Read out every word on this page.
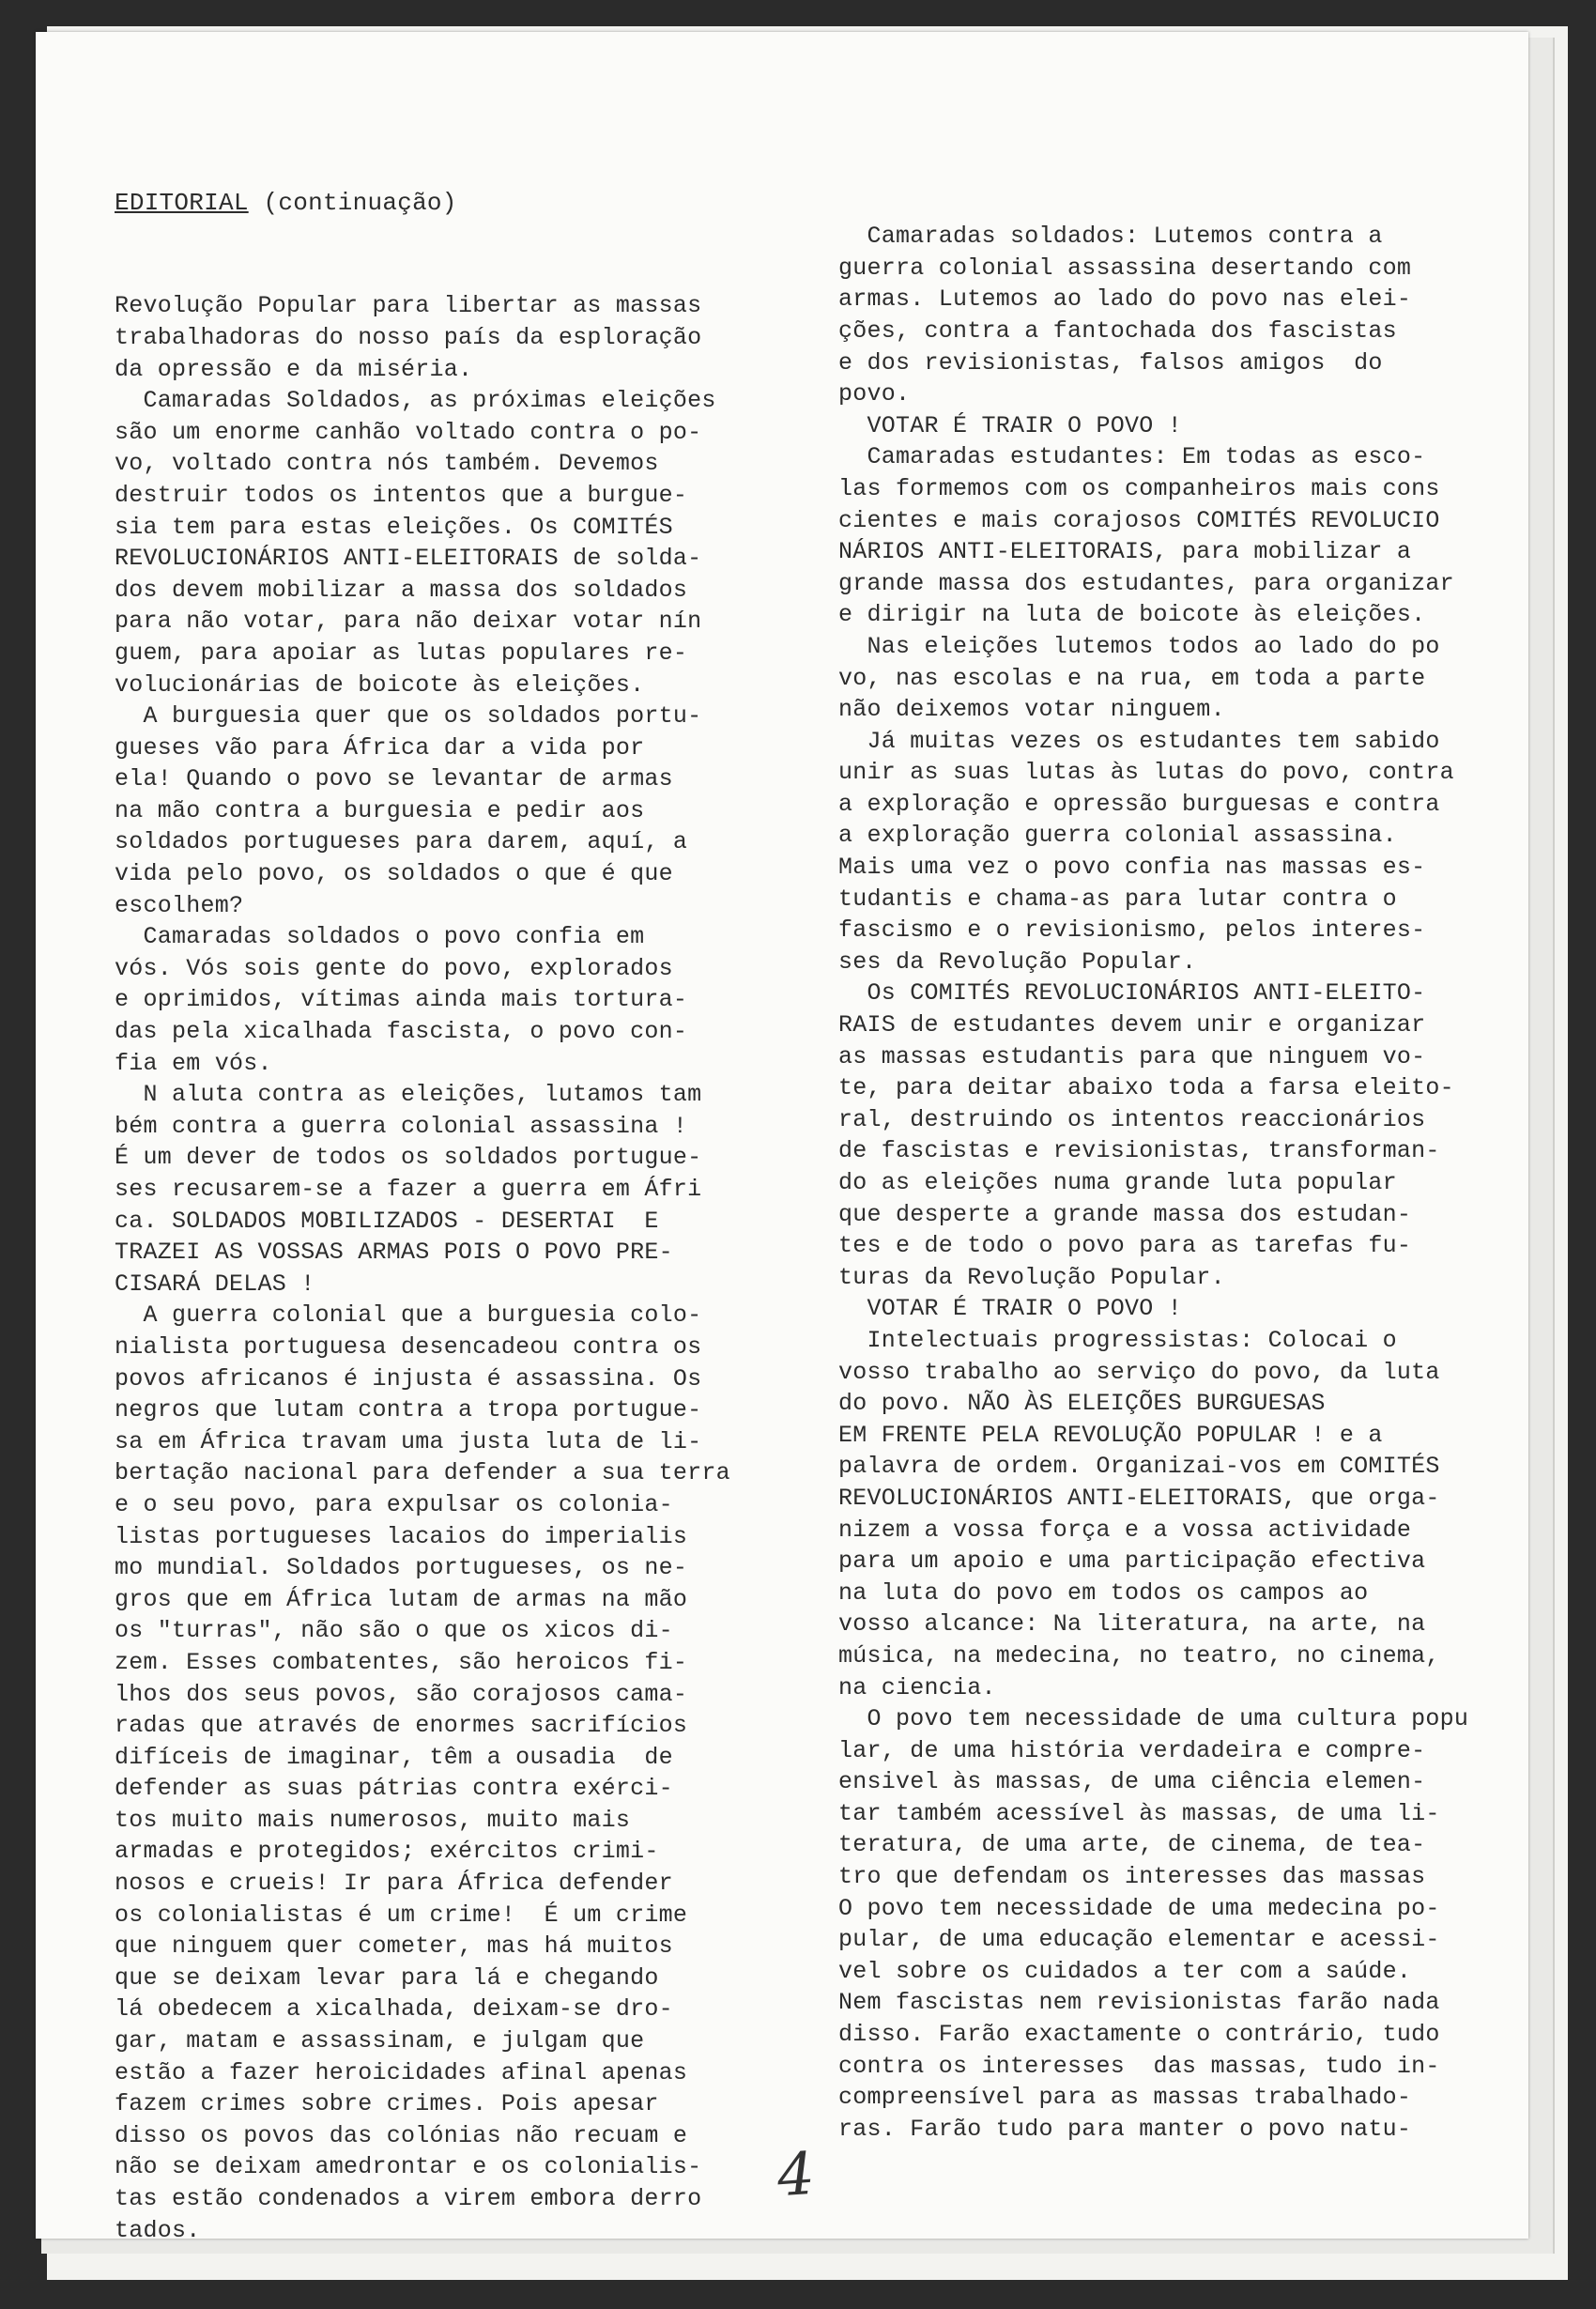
EDITORIAL (continuação)

Revolução Popular para libertar as massas
trabalhadoras do nosso país da esploração
da opressão e da miséria.
Camaradas Soldados, as próximas eleições
são um enorme canhão voltado contra o po-
vo, voltado contra nós também. Devemos
destruir todos os intentos que a burgue-
sia tem para estas eleições. Os COMITÉS
REVOLUCIONÁRIOS ANTI-ELEITORAIS de solda-
dos devem mobilizar a massa dos soldados
para não votar, para não deixar votar nín
guem, para apoiar as lutas populares re-
volucionárias de boicote às eleições.
A burguesia quer que os soldados portu-
gueses vão para África dar a vida por
ela! Quando o povo se levantar de armas
na mão contra a burguesia e pedir aos
soldados portugueses para darem, aquí, a
vida pelo povo, os soldados o que é que
escolhem?
Camaradas soldados o povo confia em
vós. Vós sois gente do povo, explorados
e oprimidos, vítimas ainda mais tortura-
das pela xicalhada fascista, o povo con-
fia em vós.
N aluta contra as eleições, lutamos tam
bém contra a guerra colonial assassina !
É um dever de todos os soldados portugue-
ses recusarem-se a fazer a guerra em Áfri
ca. SOLDADOS MOBILIZADOS - DESERTAI  E
TRAZEI AS VOSSAS ARMAS POIS O POVO PRE-
CISARÁ DELAS !
A guerra colonial que a burguesia colo-
nialista portuguesa desencadeou contra os
povos africanos é injusta é assassina. Os
negros que lutam contra a tropa portugue-
sa em África travam uma justa luta de li-
bertação nacional para defender a sua terra
e o seu povo, para expulsar os colonia-
listas portugueses lacaios do imperialis
mo mundial. Soldados portugueses, os ne-
gros que em África lutam de armas na mão
os "turras", não são o que os xicos di-
zem. Esses combatentes, são heroicos fi-
lhos dos seus povos, são corajosos cama-
radas que através de enormes sacrifícios
difíceis de imaginar, têm a ousadia  de
defender as suas pátrias contra exérci-
tos muito mais numerosos, muito mais
armadas e protegidos; exércitos crimi-
nosos e crueis! Ir para África defender
os colonialistas é um crime!  É um crime
que ninguem quer cometer, mas há muitos
que se deixam levar para lá e chegando
lá obedecem a xicalhada, deixam-se dro-
gar, matam e assassinam, e julgam que
estão a fazer heroicidades afinal apenas
fazem crimes sobre crimes. Pois apesar
disso os povos das colónias não recuam e
não se deixam amedrontar e os colonialis-
tas estão condenados a virem embora derro
tados.

Camaradas soldados: Lutemos contra a
guerra colonial assassina desertando com
armas. Lutemos ao lado do povo nas elei-
ções, contra a fantochada dos fascistas
e dos revisionistas, falsos amigos  do
povo.
VOTAR É TRAIR O POVO !
Camaradas estudantes: Em todas as esco-
las formemos com os companheiros mais cons
cientes e mais corajosos COMITÉS REVOLUCIO
NÁRIOS ANTI-ELEITORAIS, para mobilizar a
grande massa dos estudantes, para organizar
e dirigir na luta de boicote às eleições.
Nas eleições lutemos todos ao lado do po
vo, nas escolas e na rua, em toda a parte
não deixemos votar ninguem.
Já muitas vezes os estudantes tem sabido
unir as suas lutas às lutas do povo, contra
a exploração e opressão burguesas e contra
a exploração guerra colonial assassina.
Mais uma vez o povo confia nas massas es-
tudantis e chama-as para lutar contra o
fascismo e o revisionismo, pelos interes-
ses da Revolução Popular.
Os COMITÉS REVOLUCIONÁRIOS ANTI-ELEITO-
RAIS de estudantes devem unir e organizar
as massas estudantis para que ninguem vo-
te, para deitar abaixo toda a farsa eleito-
ral, destruindo os intentos reaccionários
de fascistas e revisionistas, transforman-
do as eleições numa grande luta popular
que desperte a grande massa dos estudan-
tes e de todo o povo para as tarefas fu-
turas da Revolução Popular.
VOTAR É TRAIR O POVO !
Intelectuais progressistas: Colocai o
vosso trabalho ao serviço do povo, da luta
do povo. NÃO ÀS ELEIÇÕES BURGUESAS
EM FRENTE PELA REVOLUÇÃO POPULAR ! e a
palavra de ordem. Organizai-vos em COMITÉS
REVOLUCIONÁRIOS ANTI-ELEITORAIS, que orga-
nizem a vossa força e a vossa actividade
para um apoio e uma participação efectiva
na luta do povo em todos os campos ao
vosso alcance: Na literatura, na arte, na
música, na medecina, no teatro, no cinema,
na ciencia.
O povo tem necessidade de uma cultura popu
lar, de uma história verdadeira e compre-
ensivel às massas, de uma ciência elemen-
tar também acessível às massas, de uma li-
teratura, de uma arte, de cinema, de tea-
tro que defendam os interesses das massas
O povo tem necessidade de uma medecina po-
pular, de uma educação elementar e acessi-
vel sobre os cuidados a ter com a saúde.
Nem fascistas nem revisionistas farão nada
disso. Farão exactamente o contrário, tudo
contra os interesses  das massas, tudo in-
compreensível para as massas trabalhado-
ras. Farão tudo para manter o povo natu-

4
